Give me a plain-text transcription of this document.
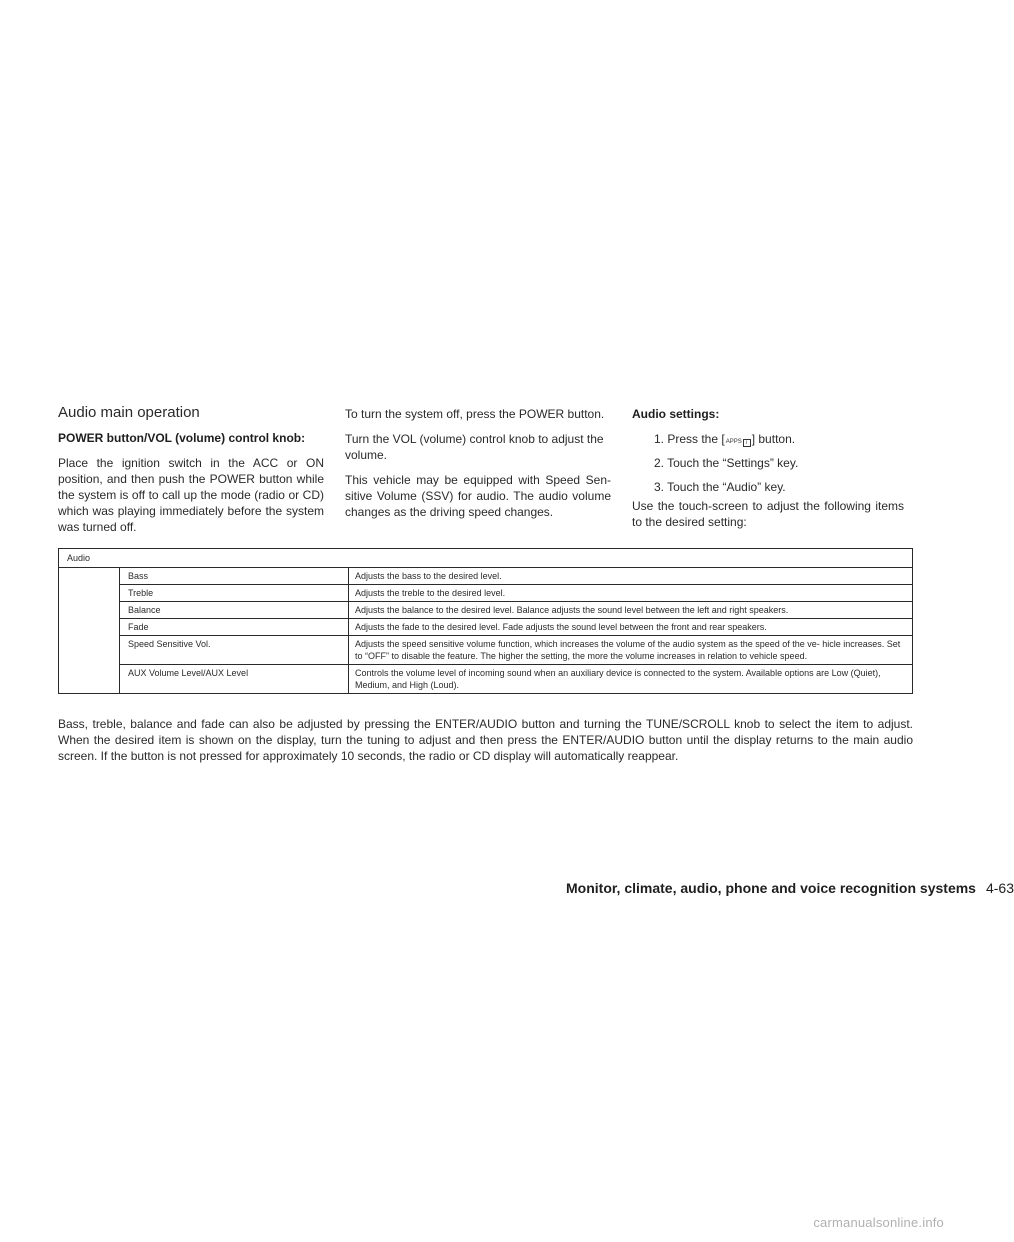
Audio main operation

POWER button/VOL (volume) control knob:

Place the ignition switch in the ACC or ON position, and then push the POWER button while the system is off to call up the mode (radio or CD) which was playing immediately before the system was turned off.

To turn the system off, press the POWER button.

Turn the VOL (volume) control knob to adjust the volume.

This vehicle may be equipped with Speed Sen- sitive Volume (SSV) for audio. The audio volume changes as the driving speed changes.

Audio settings:

1. Press the [APPS i ] button.
2. Touch the “Settings” key.
3. Touch the “Audio” key.

Use the touch-screen to adjust the following items to the desired setting:

Audio
Bass	Adjusts the bass to the desired level.
Treble	Adjusts the treble to the desired level.
Balance	Adjusts the balance to the desired level. Balance adjusts the sound level between the left and right speakers.
Fade	Adjusts the fade to the desired level. Fade adjusts the sound level between the front and rear speakers.
Speed Sensitive Vol.	Adjusts the speed sensitive volume function, which increases the volume of the audio system as the speed of the ve- hicle increases. Set to “OFF” to disable the feature. The higher the setting, the more the volume increases in relation to vehicle speed.
AUX Volume Level/AUX Level	Controls the volume level of incoming sound when an auxiliary device is connected to the system. Available options are Low (Quiet), Medium, and High (Loud).

Bass, treble, balance and fade can also be adjusted by pressing the ENTER/AUDIO button and turning the TUNE/SCROLL knob to select the item to adjust. When the desired item is shown on the display, turn the tuning to adjust and then press the ENTER/AUDIO button until the display returns to the main audio screen. If the button is not pressed for approximately 10 seconds, the radio or CD display will automatically reappear.

Monitor, climate, audio, phone and voice recognition systems 4-63
carmanualsonline.info
